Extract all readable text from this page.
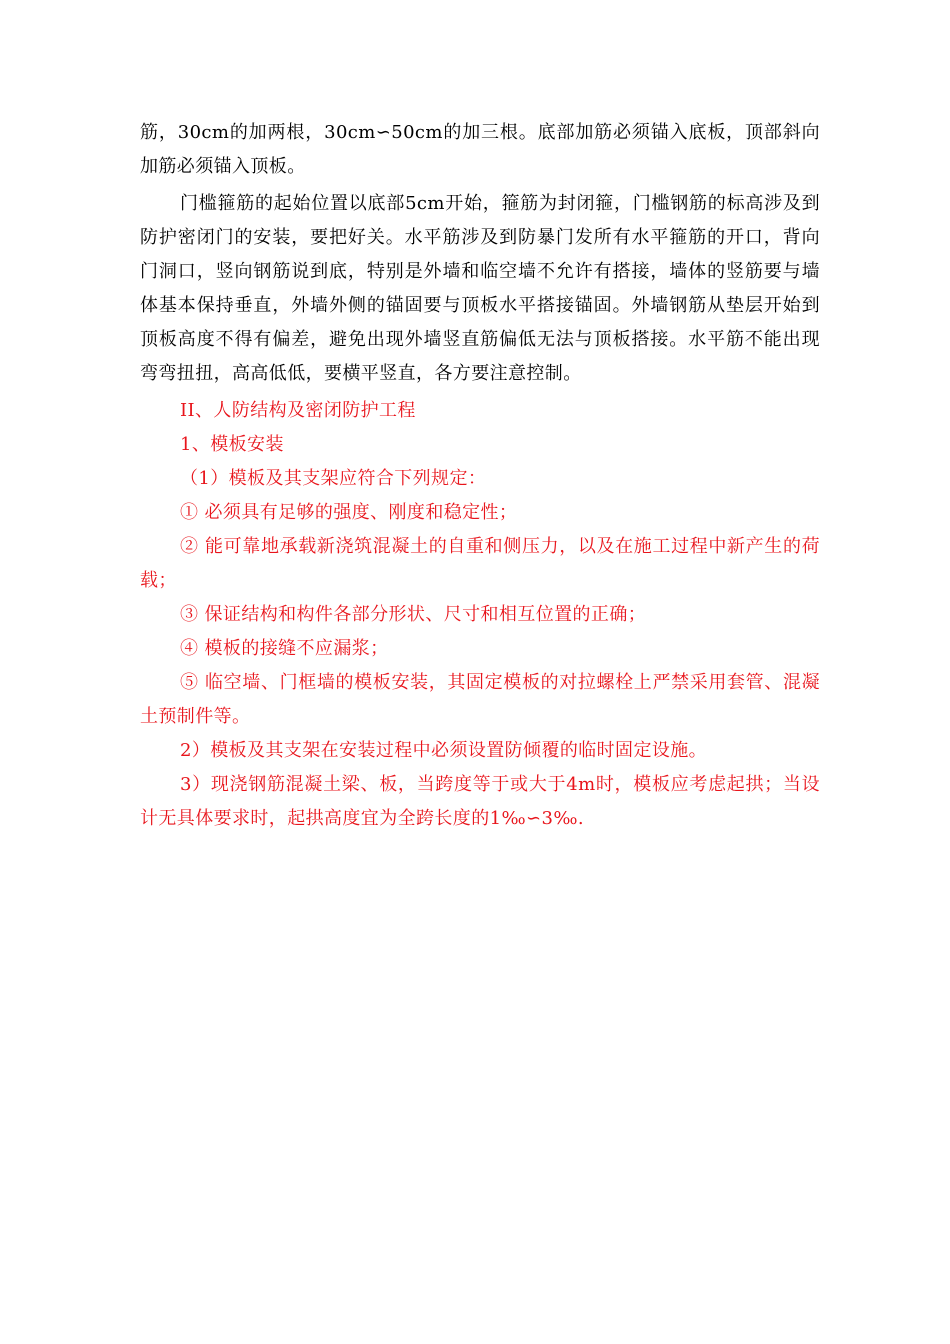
筋，30cm的加两根，30cm∽50cm的加三根。底部加筋必须锚入底板，顶部斜向加筋必须锚入顶板。

门槛箍筋的起始位置以底部5cm开始，箍筋为封闭箍，门槛钢筋的标高涉及到防护密闭门的安装，要把好关。水平筋涉及到防暴门发所有水平箍筋的开口，背向门洞口，竖向钢筋说到底，特别是外墙和临空墙不允许有搭接，墙体的竖筋要与墙体基本保持垂直，外墙外侧的锚固要与顶板水平搭接锚固。外墙钢筋从垫层开始到顶板高度不得有偏差，避免出现外墙竖直筋偏低无法与顶板搭接。水平筋不能出现弯弯扭扭，高高低低，要横平竖直，各方要注意控制。

II、人防结构及密闭防护工程

1、模板安装

（1）模板及其支架应符合下列规定：

① 必须具有足够的强度、刚度和稳定性；

② 能可靠地承载新浇筑混凝土的自重和侧压力，以及在施工过程中新产生的荷载；

③ 保证结构和构件各部分形状、尺寸和相互位置的正确；

④ 模板的接缝不应漏浆；

⑤ 临空墙、门框墙的模板安装，其固定模板的对拉螺栓上严禁采用套管、混凝土预制件等。

2）模板及其支架在安装过程中必须设置防倾覆的临时固定设施。

3）现浇钢筋混凝土梁、板，当跨度等于或大于4m时，模板应考虑起拱；当设计无具体要求时，起拱高度宜为全跨长度的1‰∽3‰.
